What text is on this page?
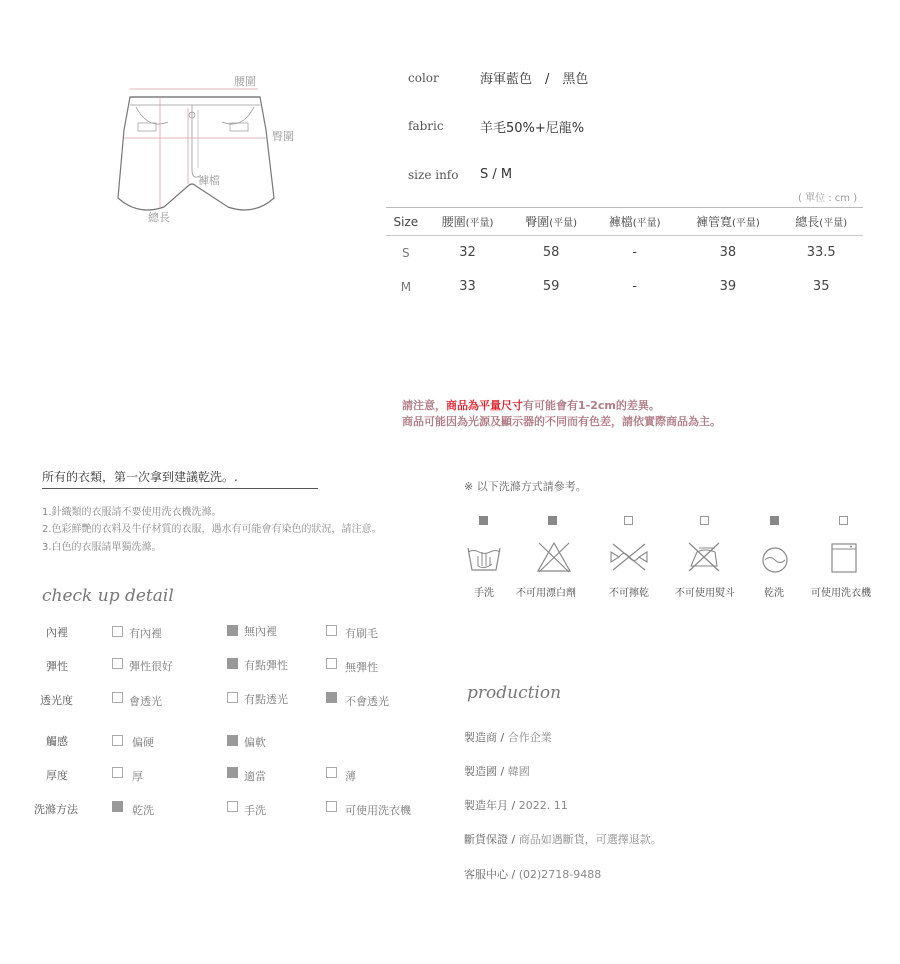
腰圍
臀圍
褲檔
總長
color	海軍藍色　/　黑色
fabric	羊毛50%+尼龍%
size info S / M
( 單位 : cm )
Size	腰圍(平量)	臀圍(平量)	褲檔(平量)	褲管寬(平量)	總長(平量)
S	32	58	-	38	33.5
M	33	59	-	39	35
請注意，商品為平量尺寸有可能會有1-2cm的差異。
商品可能因為光源及顯示器的不同而有色差，請依實際商品為主。
所有的衣類，第一次拿到建議乾洗。.
1.針織類的衣服請不要使用洗衣機洗滌。
2.色彩鮮艷的衣料及牛仔材質的衣服，遇水有可能會有染色的狀況，請注意。
3.白色的衣服請單獨洗滌。
※ 以下洗滌方式請參考。
手洗	不可用漂白劑	不可擰乾	不可使用熨斗	乾洗	可使用洗衣機
check up detail
內裡	有內裡	無內裡	有刷毛
彈性	彈性很好	有點彈性	無彈性
透光度	會透光	有點透光	不會透光
觸感	偏硬	偏軟
厚度	厚	適當	薄
洗滌方法	乾洗	手洗	可使用洗衣機
production
製造商 / 合作企業
製造國 / 韓國
製造年月 / 2022. 11
斷貨保證 / 商品如遇斷貨，可選擇退款。
客服中心 / (02)2718-9488
